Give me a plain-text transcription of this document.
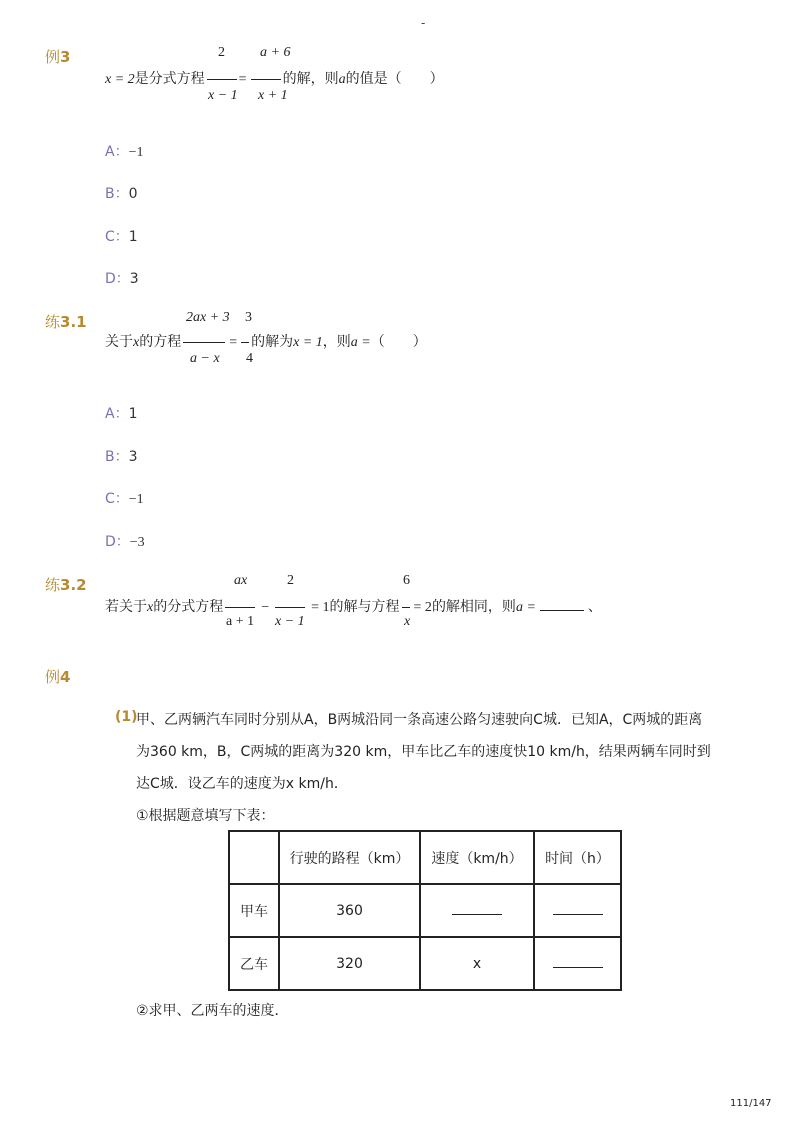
-
例3	2	a + 6
x = 2是分式方程 =	的解，则a的值是（　　）
x − 1 x + 1
A：−1
B：0
C：1
D：3
练3.1	2ax + 3 3
关于x的方程	= 的解为x = 1，则a =（　　）
a − x 4
A：1
B：3
C：−1
D：−3
练3.2	ax	2	6
若关于x的分式方程	−	= 1的解与方程 = 2的解相同，则a =	、
a + 1 x − 1	x
例4
(1)
甲、乙两辆汽车同时分别从A，B两城沿同一条高速公路匀速驶向C城．已知A，C两城的距离
为360 km，B，C两城的距离为320 km，甲车比乙车的速度快10 km/h，结果两辆车同时到
达C城．设乙车的速度为x km/h．
①根据题意填写下表：
	行驶的路程（km）	速度（km/h）	时间（h）
甲车	360		
乙车	320	x	
②求甲、乙两车的速度．
111/147
